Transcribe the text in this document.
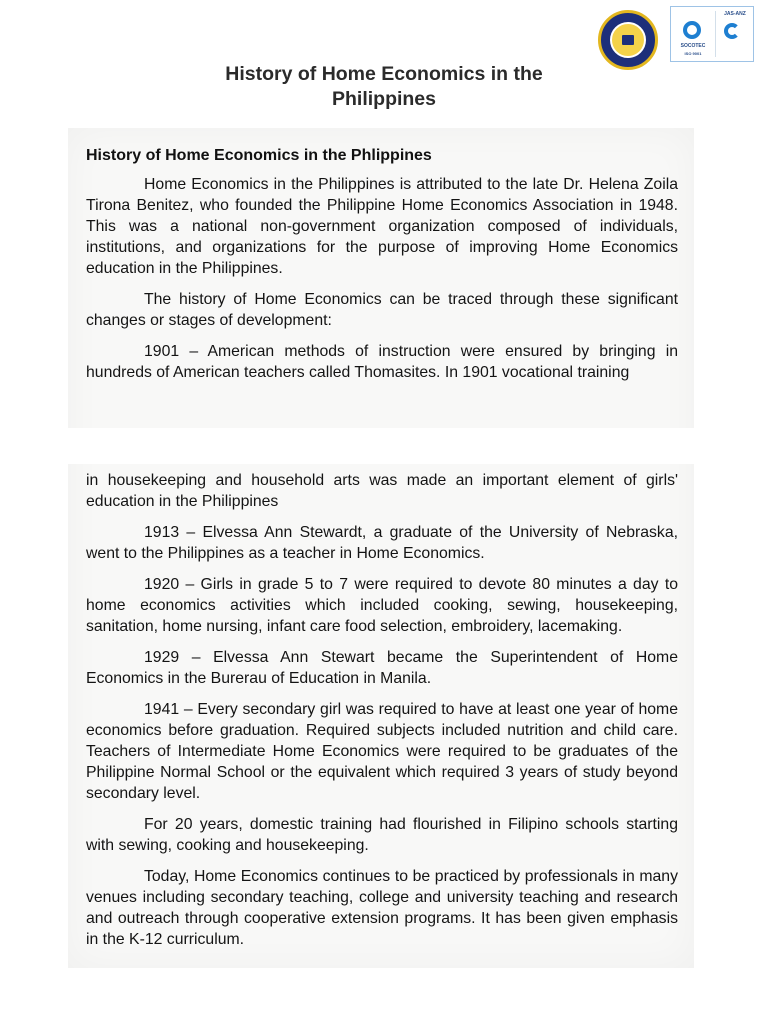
SOCOTEC
ISO 9001
JAS-ANZ
History of Home Economics in the
Philippines

History of Home Economics in the Phlippines

Home Economics in the Philippines is attributed to the late Dr. Helena Zoila Tirona Benitez, who founded the Philippine Home Economics Association in 1948. This was a national non-government organization composed of individuals, institutions, and organizations for the purpose of improving Home Economics education in the Philippines.

The history of Home Economics can be traced through these significant changes or stages of development:

1901 – American methods of instruction were ensured by bringing in hundreds of American teachers called Thomasites. In 1901 vocational training

in housekeeping and household arts was made an important element of girls' education in the Philippines

1913 – Elvessa Ann Stewardt, a graduate of the University of Nebraska, went to the Philippines as a teacher in Home Economics.

1920 – Girls in grade 5 to 7 were required to devote 80 minutes a day to home economics activities which included cooking, sewing, housekeeping, sanitation, home nursing, infant care food selection, embroidery, lacemaking.

1929 – Elvessa Ann Stewart became the Superintendent of Home Economics in the Burerau of Education in Manila.

1941 – Every secondary girl was required to have at least one year of home economics before graduation. Required subjects included nutrition and child care. Teachers of Intermediate Home Economics were required to be graduates of the Philippine Normal School or the equivalent which required 3 years of study beyond secondary level.

For 20 years, domestic training had flourished in Filipino schools starting with sewing, cooking and housekeeping.

Today, Home Economics continues to be practiced by professionals in many venues including secondary teaching, college and university teaching and research and outreach through cooperative extension programs. It has been given emphasis in the K-12 curriculum.
